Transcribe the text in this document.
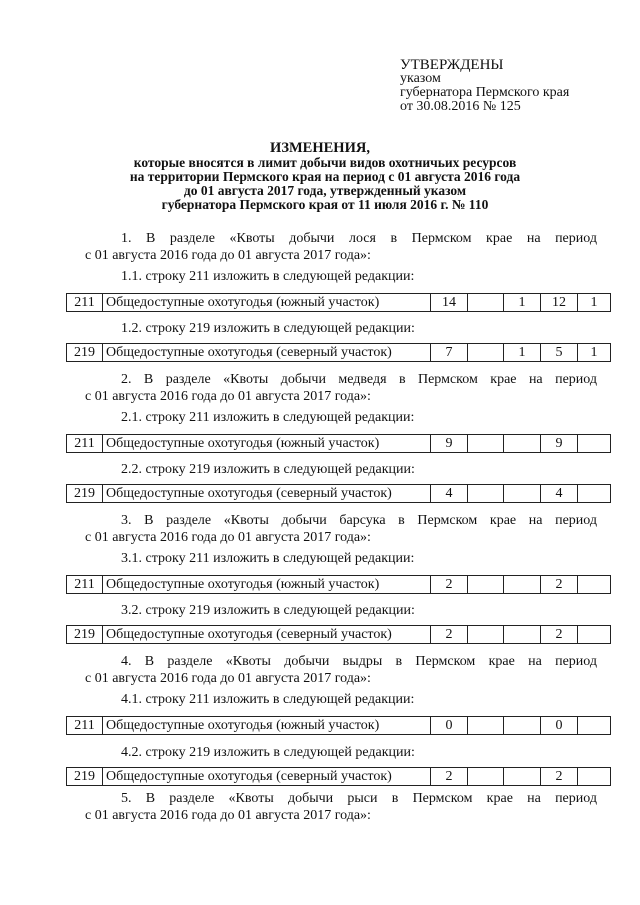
УТВЕРЖДЕНЫ
указом
губернатора Пермского края
от 30.08.2016 № 125
ИЗМЕНЕНИЯ,
которые вносятся в лимит добычи видов охотничьих ресурсов
на территории Пермского края на период с 01 августа 2016 года
до 01 августа 2017 года, утвержденный указом
губернатора Пермского края от 11 июля 2016 г. № 110
1. В разделе «Квоты добычи лося в Пермском крае на период
с 01 августа 2016 года до 01 августа 2017 года»:
1.1. строку 211 изложить в следующей редакции:
211	Общедоступные охотугодья (южный участок)	14		1	12	1
1.2. строку 219 изложить в следующей редакции:
219	Общедоступные охотугодья (северный участок)	7		1	5	1
2. В разделе «Квоты добычи медведя в Пермском крае на период
с 01 августа 2016 года до 01 августа 2017 года»:
2.1. строку 211 изложить в следующей редакции:
211	Общедоступные охотугодья (южный участок)	9			9	
2.2. строку 219 изложить в следующей редакции:
219	Общедоступные охотугодья (северный участок)	4			4	
3. В разделе «Квоты добычи барсука в Пермском крае на период
с 01 августа 2016 года до 01 августа 2017 года»:
3.1. строку 211 изложить в следующей редакции:
211	Общедоступные охотугодья (южный участок)	2			2	
3.2. строку 219 изложить в следующей редакции:
219	Общедоступные охотугодья (северный участок)	2			2	
4. В разделе «Квоты добычи выдры в Пермском крае на период
с 01 августа 2016 года до 01 августа 2017 года»:
4.1. строку 211 изложить в следующей редакции:
211	Общедоступные охотугодья (южный участок)	0			0	
4.2. строку 219 изложить в следующей редакции:
219	Общедоступные охотугодья (северный участок)	2			2	
5. В разделе «Квоты добычи рыси в Пермском крае на период
с 01 августа 2016 года до 01 августа 2017 года»:
